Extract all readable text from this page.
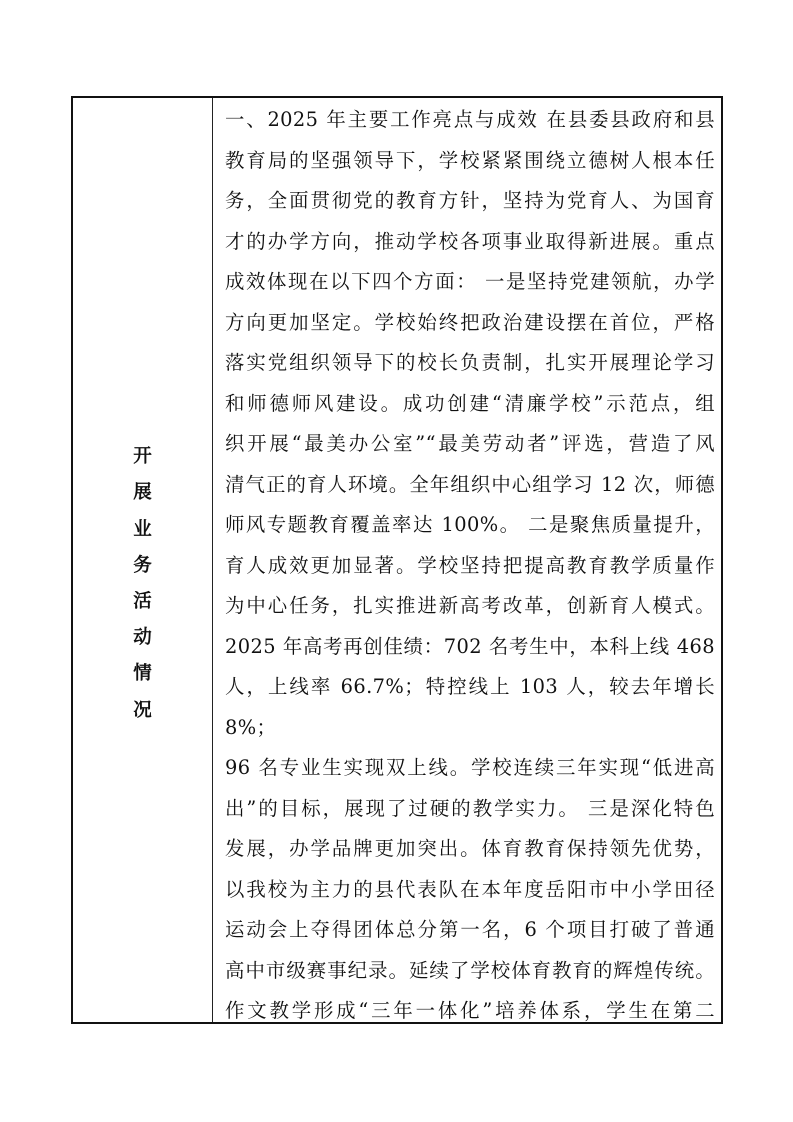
开展业务活动情况

一、2025 年主要工作亮点与成效 在县委县政府和县

教育局的坚强领导下，学校紧紧围绕立德树人根本任

务，全面贯彻党的教育方针，坚持为党育人、为国育

才的办学方向，推动学校各项事业取得新进展。重点

成效体现在以下四个方面： 一是坚持党建领航，办学

方向更加坚定。学校始终把政治建设摆在首位，严格

落实党组织领导下的校长负责制，扎实开展理论学习

和师德师风建设。成功创建“清廉学校”示范点，组

织开展“最美办公室”“最美劳动者”评选，营造了风

清气正的育人环境。全年组织中心组学习 12 次，师德

师风专题教育覆盖率达 100%。 二是聚焦质量提升，

育人成效更加显著。学校坚持把提高教育教学质量作

为中心任务，扎实推进新高考改革，创新育人模式。

2025 年高考再创佳绩：702 名考生中，本科上线 468

人，上线率 66.7%；特控线上 103 人，较去年增长 8%；

96 名专业生实现双上线。学校连续三年实现“低进高

出”的目标，展现了过硬的教学实力。 三是深化特色

发展，办学品牌更加突出。体育教育保持领先优势，

以我校为主力的县代表队在本年度岳阳市中小学田径

运动会上夺得团体总分第一名，6 个项目打破了普通

高中市级赛事纪录。延续了学校体育教育的辉煌传统。

作文教学形成“三年一体化”培养体系，学生在第二
